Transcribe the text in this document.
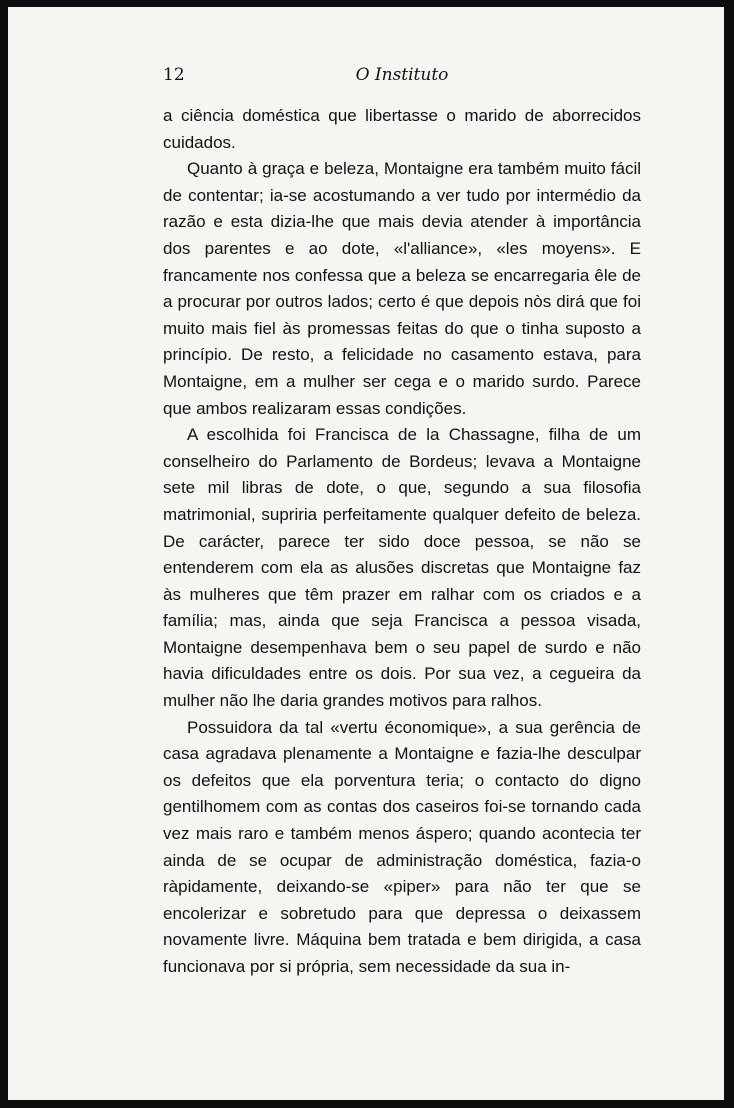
12	O Instituto

a ciência doméstica que libertasse o marido de aborrecidos cuidados.

Quanto à graça e beleza, Montaigne era também muito fácil de contentar; ia-se acostumando a ver tudo por intermédio da razão e esta dizia-lhe que mais devia atender à importância dos parentes e ao dote, «l'alliance», «les moyens». E francamente nos confessa que a beleza se encarregaria êle de a procurar por outros lados; certo é que depois nòs dirá que foi muito mais fiel às promessas feitas do que o tinha suposto a princípio. De resto, a felicidade no casamento estava, para Montaigne, em a mulher ser cega e o marido surdo. Parece que ambos realizaram essas condições.

A escolhida foi Francisca de la Chassagne, filha de um conselheiro do Parlamento de Bordeus; levava a Montaigne sete mil libras de dote, o que, segundo a sua filosofia matrimonial, supriria perfeitamente qualquer defeito de beleza. De carácter, parece ter sido doce pessoa, se não se entenderem com ela as alusões discretas que Montaigne faz às mulheres que têm prazer em ralhar com os criados e a família; mas, ainda que seja Francisca a pessoa visada, Montaigne desempenhava bem o seu papel de surdo e não havia dificuldades entre os dois. Por sua vez, a cegueira da mulher não lhe daria grandes motivos para ralhos.

Possuidora da tal «vertu économique», a sua gerência de casa agradava plenamente a Montaigne e fazia-lhe desculpar os defeitos que ela porventura teria; o contacto do digno gentilhomem com as contas dos caseiros foi-se tornando cada vez mais raro e também menos áspero; quando acontecia ter ainda de se ocupar de administração doméstica, fazia-o ràpidamente, deixando-se «piper» para não ter que se encolerizar e sobretudo para que depressa o deixassem novamente livre. Máquina bem tratada e bem dirigida, a casa funcionava por si própria, sem necessidade da sua in-
